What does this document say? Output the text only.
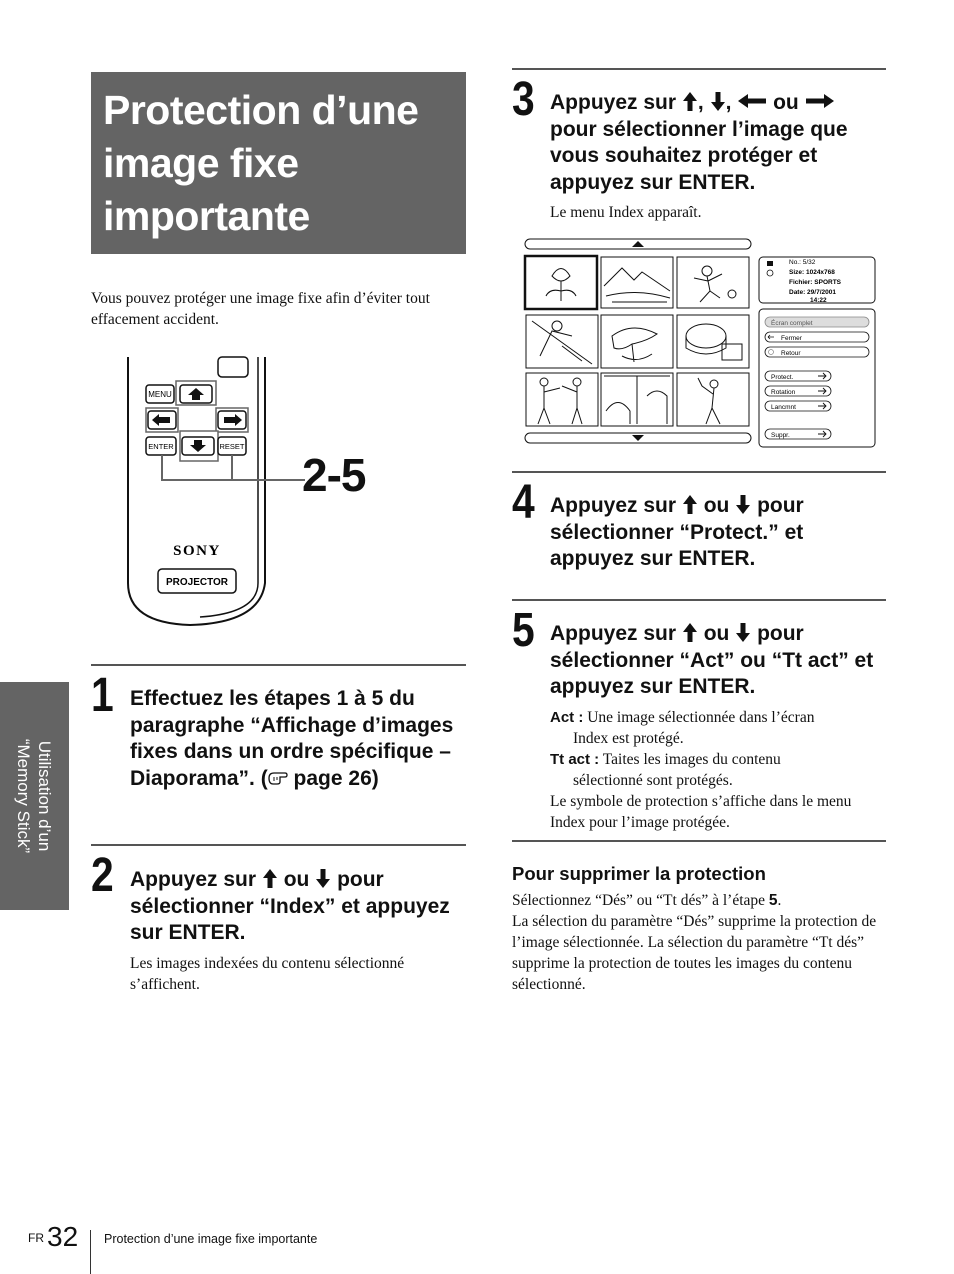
Protection d’une
image fixe
importante

Vous pouvez protéger une image fixe afin d’éviter tout effacement accident.

MENU
ENTER	RESET
SONY
PROJECTOR
2-5
1 Effectuez les étapes 1 à 5 du paragraphe “Affichage d’images fixes dans un ordre spécifique – Diaporama”. ( page 26)
2 Appuyez sur ou pour sélectionner “Index” et appuyez sur ENTER.
Les images indexées du contenu sélectionné s’affichent.
3 Appuyez sur , , ou  pour sélectionner l’image que vous souhaitez protéger et appuyez sur ENTER.
Le menu Index apparaît.
No.: 5/32
Size: 1024x768
Fichier: SPORTS
Date: 29/7/2001
14:22
Écran complet
Fermer
Retour
Protect.
Rotation
Lancmnt
Suppr.
4 Appuyez sur ou pour sélectionner “Protect.” et appuyez sur ENTER.
5 Appuyez sur ou pour sélectionner “Act” ou “Tt act” et appuyez sur ENTER.
Act : Une image sélectionnée dans l’écran
Index est protégé.
Tt act : Taites les images du contenu
sélectionné sont protégés.
Le symbole de protection s’affiche dans le menu Index pour l’image protégée.
Pour supprimer la protection
Sélectionnez “Dés” ou “Tt dés” à l’étape 5.
La sélection du paramètre “Dés” supprime la protection de l’image sélectionnée. La sélection du paramètre “Tt dés” supprime la protection de toutes les images du contenu sélectionné.
Utilisation d’un
“Memory Stick”
FR 32 Protection d’une image fixe importante
